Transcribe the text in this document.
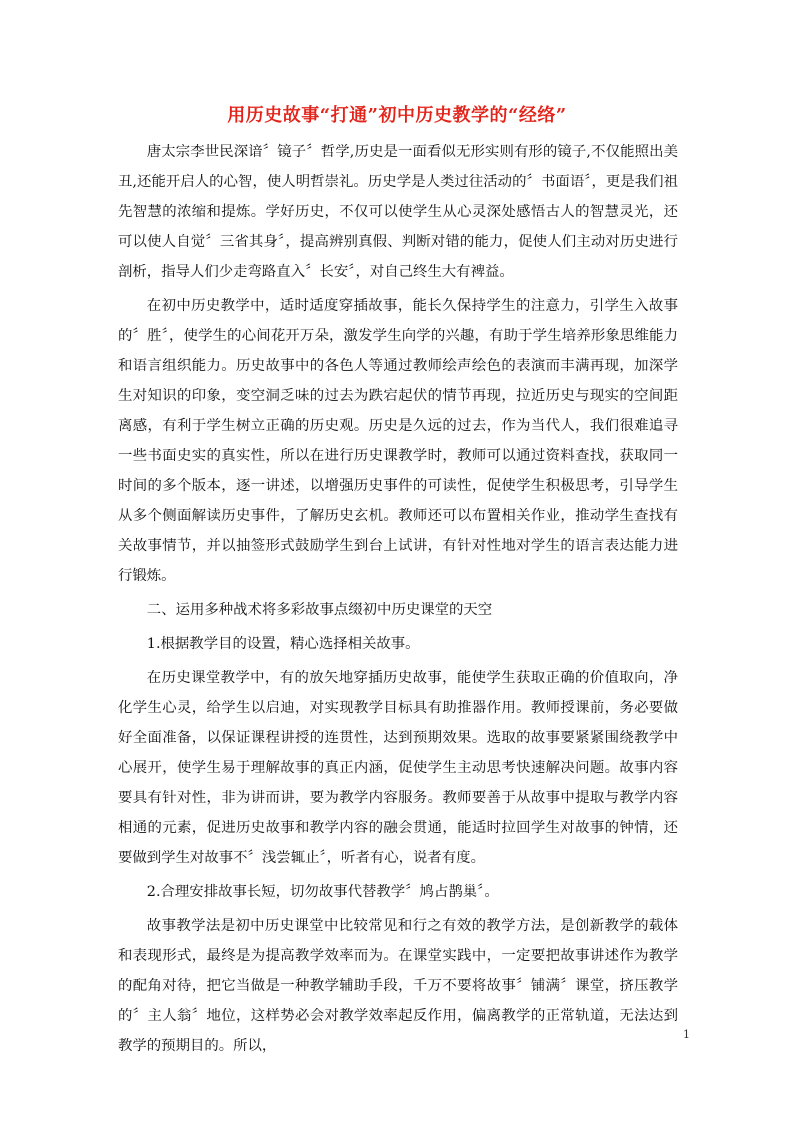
用历史故事“打通”初中历史教学的“经络”

唐太宗李世民深谙〞镜子〞哲学,历史是一面看似无形实则有形的镜子,不仅能照出美丑,还能开启人的心智，使人明哲崇礼。历史学是人类过往活动的〞书面语〞，更是我们祖先智慧的浓缩和提炼。学好历史，不仅可以使学生从心灵深处感悟古人的智慧灵光，还可以使人自觉〞三省其身〞，提高辨别真假、判断对错的能力，促使人们主动对历史进行剖析，指导人们少走弯路直入〞长安〞，对自己终生大有裨益。

在初中历史教学中，适时适度穿插故事，能长久保持学生的注意力，引学生入故事的〞胜〞，使学生的心间花开万朵，激发学生向学的兴趣，有助于学生培养形象思维能力和语言组织能力。历史故事中的各色人等通过教师绘声绘色的表演而丰满再现，加深学生对知识的印象，变空洞乏味的过去为跌宕起伏的情节再现，拉近历史与现实的空间距离感，有利于学生树立正确的历史观。历史是久远的过去，作为当代人，我们很难追寻一些书面史实的真实性，所以在进行历史课教学时，教师可以通过资料查找，获取同一时间的多个版本，逐一讲述，以增强历史事件的可读性，促使学生积极思考，引导学生从多个侧面解读历史事件，了解历史玄机。教师还可以布置相关作业，推动学生查找有关故事情节，并以抽签形式鼓励学生到台上试讲，有针对性地对学生的语言表达能力进行锻炼。

二、运用多种战术将多彩故事点缀初中历史课堂的天空

1.根据教学目的设置，精心选择相关故事。

在历史课堂教学中，有的放矢地穿插历史故事，能使学生获取正确的价值取向，净化学生心灵，给学生以启迪，对实现教学目标具有助推器作用。教师授课前，务必要做好全面准备，以保证课程讲授的连贯性，达到预期效果。选取的故事要紧紧围绕教学中心展开，使学生易于理解故事的真正内涵，促使学生主动思考快速解决问题。故事内容要具有针对性，非为讲而讲，要为教学内容服务。教师要善于从故事中提取与教学内容相通的元素，促进历史故事和教学内容的融会贯通，能适时拉回学生对故事的钟情，还要做到学生对故事不〞浅尝辄止〞，听者有心，说者有度。

2.合理安排故事长短，切勿故事代替教学〞鸠占鹊巢〞。

故事教学法是初中历史课堂中比较常见和行之有效的教学方法，是创新教学的载体和表现形式，最终是为提高教学效率而为。在课堂实践中，一定要把故事讲述作为教学的配角对待，把它当做是一种教学辅助手段，千万不要将故事〞铺满〞课堂，挤压教学的〞主人翁〞地位，这样势必会对教学效率起反作用，偏离教学的正常轨道，无法达到教学的预期目的。所以，

1
